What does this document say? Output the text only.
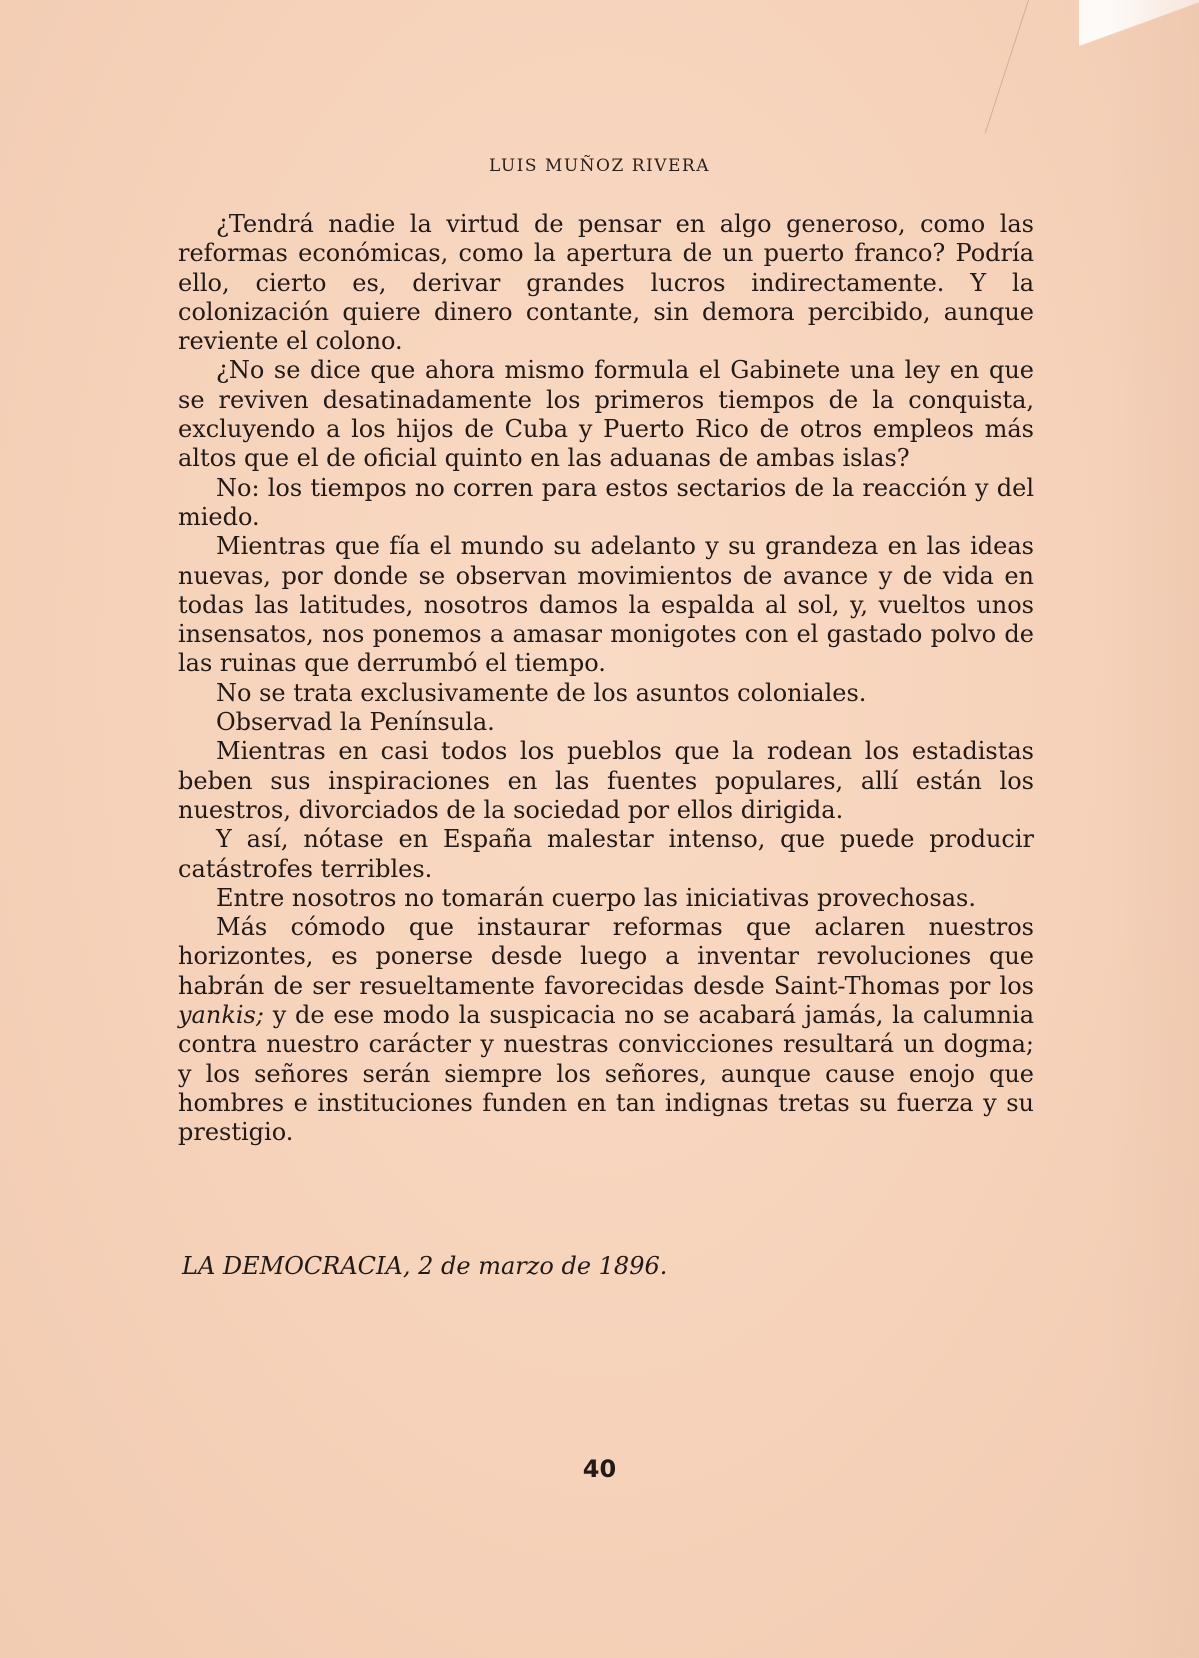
LUIS MUÑOZ RIVERA

¿Tendrá nadie la virtud de pensar en algo generoso, como las reformas económicas, como la apertura de un puerto franco? Podría ello, cierto es, derivar grandes lucros indirectamente. Y la colonización quiere dinero contante, sin demora percibido, aunque reviente el colono.

¿No se dice que ahora mismo formula el Gabinete una ley en que se reviven desatinadamente los primeros tiempos de la conquista, excluyendo a los hijos de Cuba y Puerto Rico de otros empleos más altos que el de oficial quinto en las aduanas de ambas islas?

No: los tiempos no corren para estos sectarios de la reacción y del miedo.

Mientras que fía el mundo su adelanto y su grandeza en las ideas nuevas, por donde se observan movimientos de avance y de vida en todas las latitudes, nosotros damos la espalda al sol, y, vueltos unos insensatos, nos ponemos a amasar monigotes con el gastado polvo de las ruinas que derrumbó el tiempo.

No se trata exclusivamente de los asuntos coloniales.

Observad la Península.

Mientras en casi todos los pueblos que la rodean los estadistas beben sus inspiraciones en las fuentes populares, allí están los nuestros, divorciados de la sociedad por ellos dirigida.

Y así, nótase en España malestar intenso, que puede producir catástrofes terribles.

Entre nosotros no tomarán cuerpo las iniciativas provechosas.

Más cómodo que instaurar reformas que aclaren nuestros horizontes, es ponerse desde luego a inventar revoluciones que habrán de ser resueltamente favorecidas desde Saint-Thomas por los yankis; y de ese modo la suspicacia no se acabará jamás, la calumnia contra nuestro carácter y nuestras convicciones resultará un dogma; y los señores serán siempre los señores, aunque cause enojo que hombres e instituciones funden en tan indignas tretas su fuerza y su prestigio.

LA DEMOCRACIA, 2 de marzo de 1896.
40
